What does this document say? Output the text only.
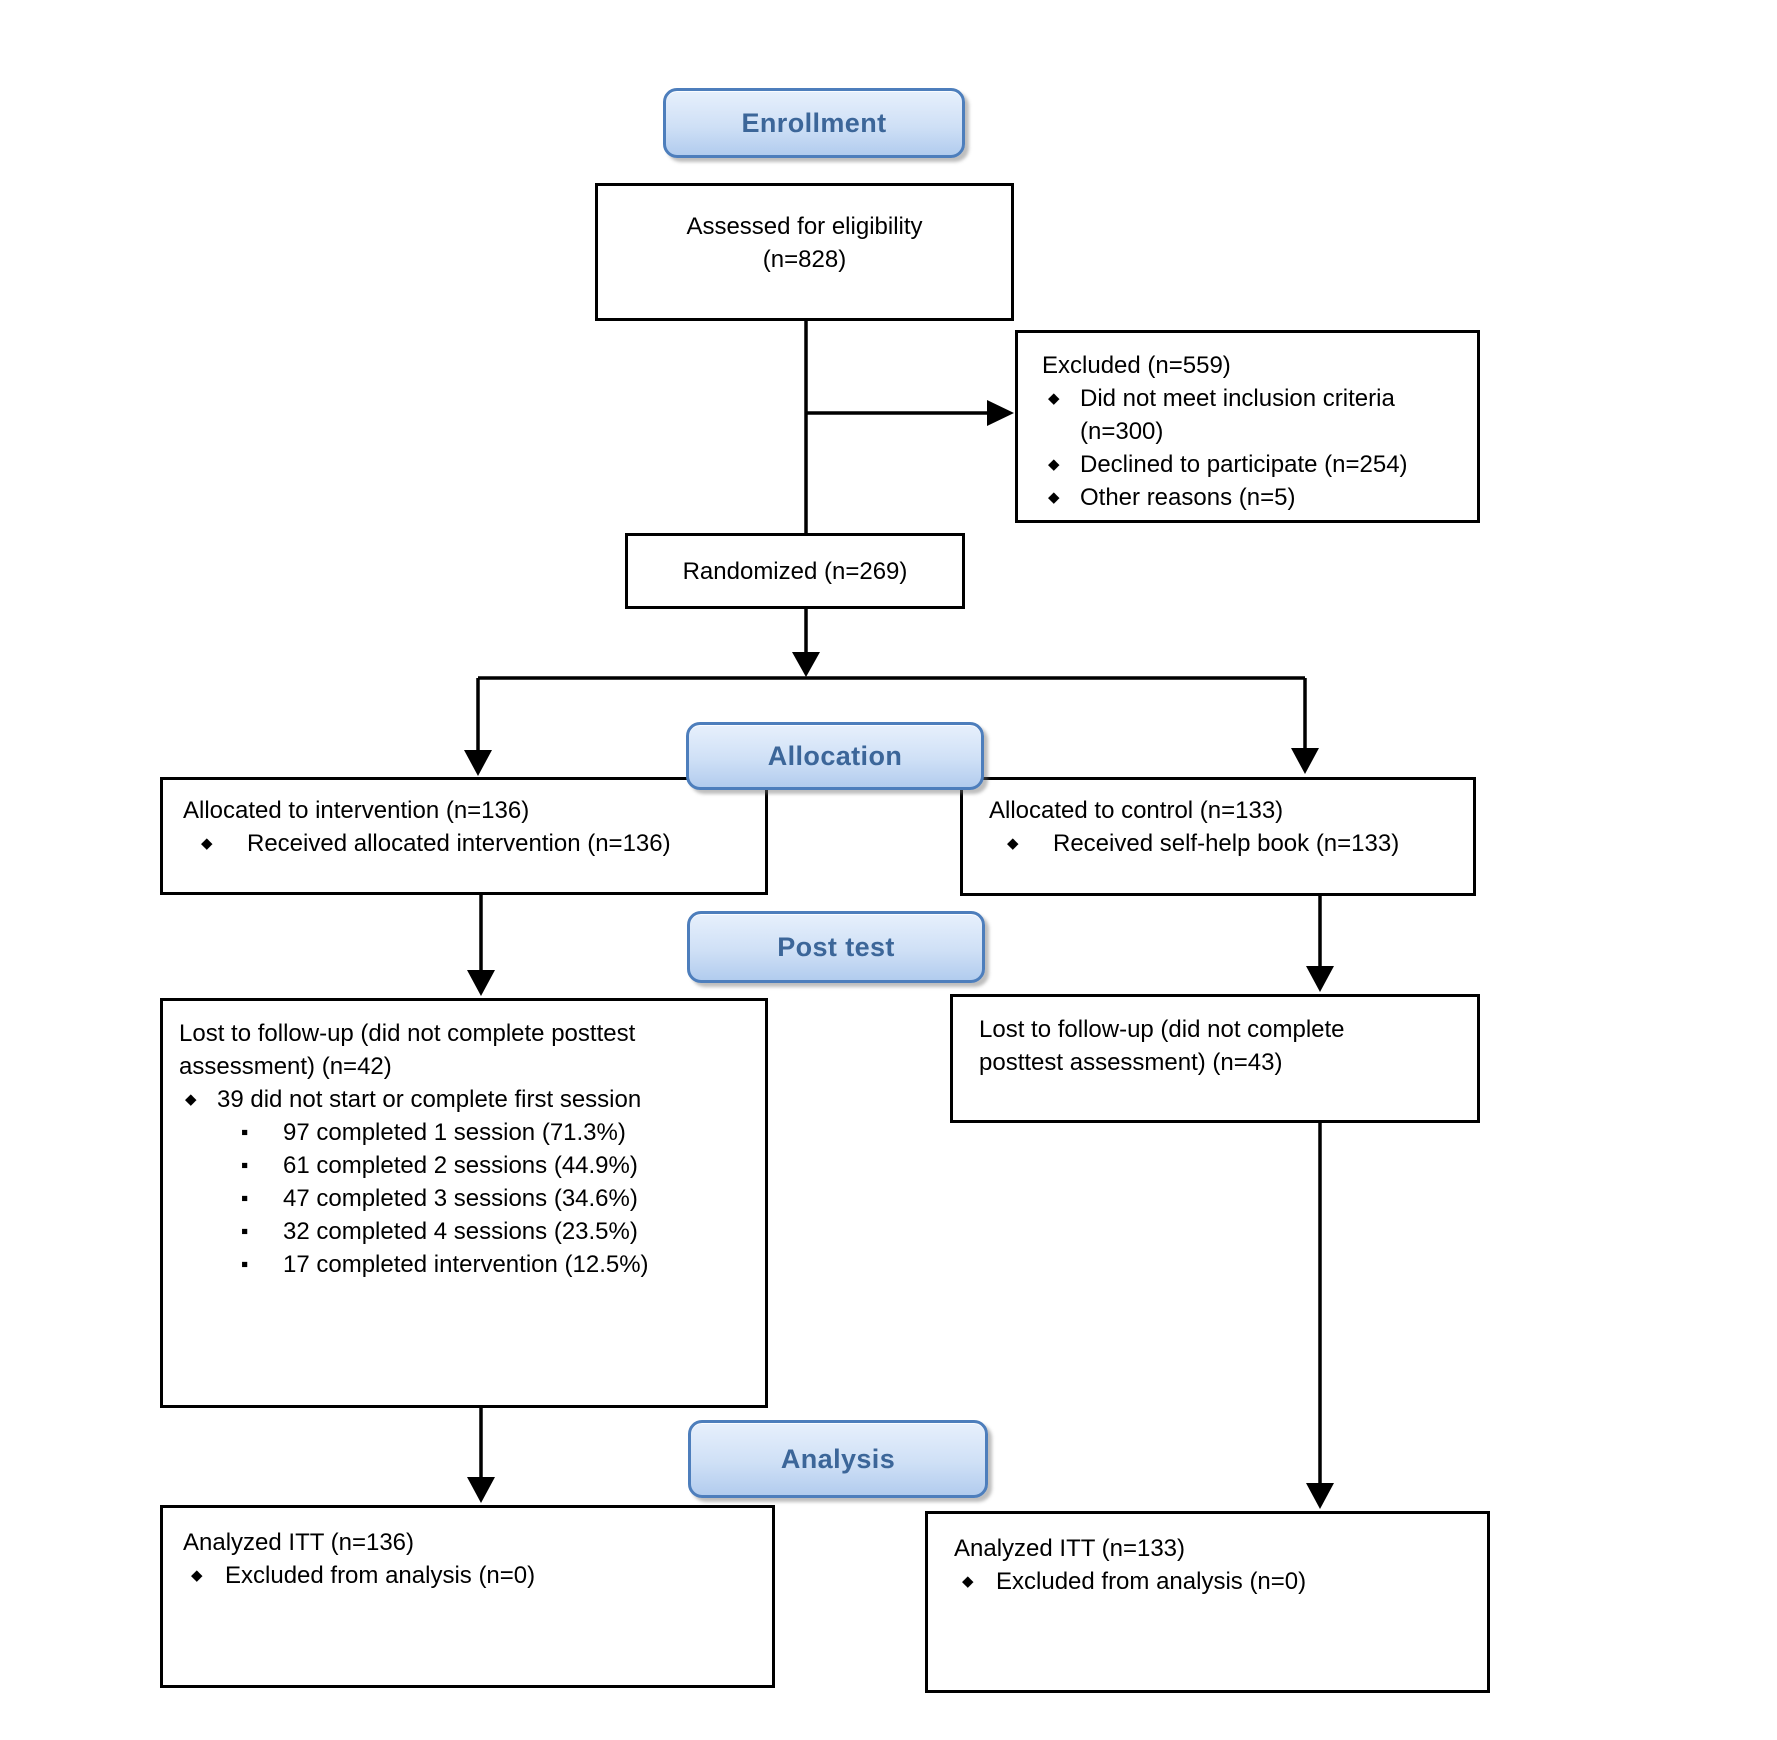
Enrollment
Allocation
Post test
Analysis
Assessed for eligibility
(n=828)
Excluded (n=559)
◆ Did not meet inclusion criteria (n=300)
◆ Declined to participate (n=254)
◆ Other reasons (n=5)
Randomized (n=269)
Allocated to intervention (n=136)
◆	Received allocated intervention (n=136)
Allocated to control (n=133)
◆	Received self-help book (n=133)
Lost to follow-up (did not complete posttest
assessment) (n=42)
◆ 39 did not start or complete first session
▪	97 completed 1 session (71.3%)
▪	61 completed 2 sessions (44.9%)
▪	47 completed 3 sessions (34.6%)
▪	32 completed 4 sessions (23.5%)
▪	17 completed intervention (12.5%)
Lost to follow-up (did not complete
posttest assessment) (n=43)
Analyzed ITT (n=136)
◆ Excluded from analysis (n=0)
Analyzed ITT (n=133)
◆ Excluded from analysis (n=0)
